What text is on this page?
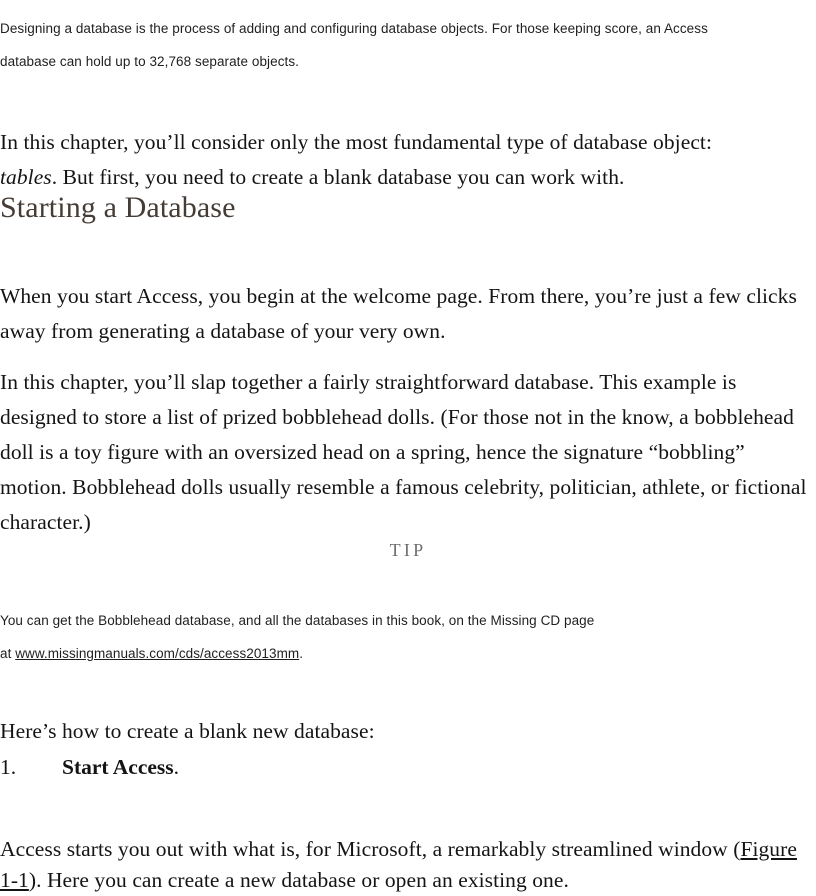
Designing a database is the process of adding and configuring database objects. For those keeping score, an Access
database can hold up to 32,768 separate objects.

In this chapter, you’ll consider only the most fundamental type of database object: tables. But first, you need to create a blank database you can work with.

Starting a Database

When you start Access, you begin at the welcome page. From there, you’re just a few clicks away from generating a database of your very own.

In this chapter, you’ll slap together a fairly straightforward database. This example is designed to store a list of prized bobblehead dolls. (For those not in the know, a bobblehead doll is a toy figure with an oversized head on a spring, hence the signature “bobbling” motion. Bobblehead dolls usually resemble a famous celebrity, politician, athlete, or fictional character.)

TIP
You can get the Bobblehead database, and all the databases in this book, on the Missing CD page
at www.missingmanuals.com/cds/access2013mm.

Here’s how to create a blank new database:

1.	Start Access.

Access starts you out with what is, for Microsoft, a remarkably streamlined window (Figure 1-1). Here you can create a new database or open an existing one.
